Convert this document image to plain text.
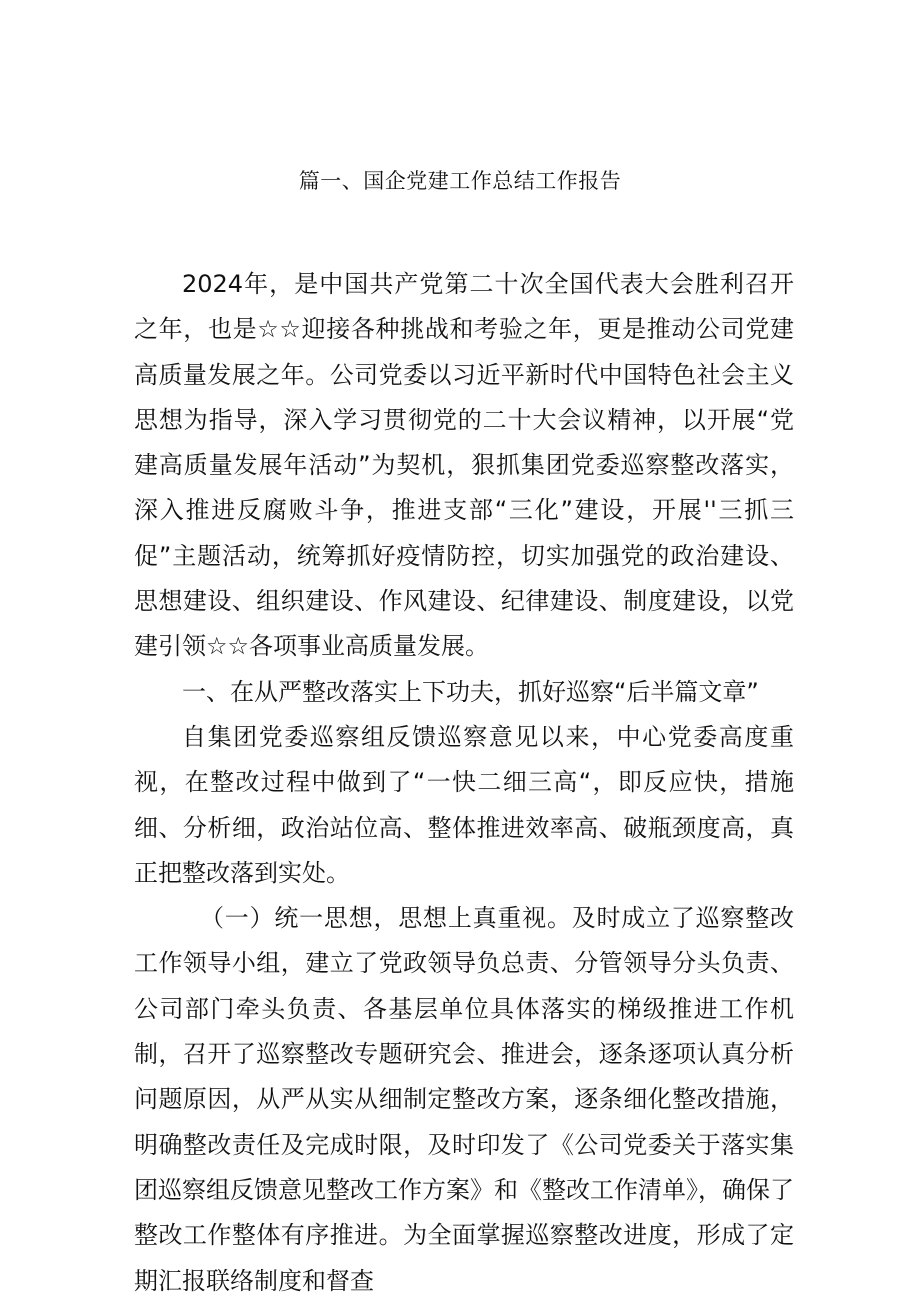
篇一、国企党建工作总结工作报告

2024年，是中国共产党第二十次全国代表大会胜利召开之年，也是☆☆迎接各种挑战和考验之年，更是推动公司党建高质量发展之年。公司党委以习近平新时代中国特色社会主义思想为指导，深入学习贯彻党的二十大会议精神，以开展“党建高质量发展年活动”为契机，狠抓集团党委巡察整改落实，深入推进反腐败斗争，推进支部“三化”建设，开展''三抓三促”主题活动，统筹抓好疫情防控，切实加强党的政治建设、思想建设、组织建设、作风建设、纪律建设、制度建设，以党建引领☆☆各项事业高质量发展。

一、在从严整改落实上下功夫，抓好巡察“后半篇文章”

自集团党委巡察组反馈巡察意见以来，中心党委高度重视，在整改过程中做到了“一快二细三高“，即反应快，措施细、分析细，政治站位高、整体推进效率高、破瓶颈度高，真正把整改落到实处。

（一）统一思想，思想上真重视。及时成立了巡察整改工作领导小组，建立了党政领导负总责、分管领导分头负责、公司部门牵头负责、各基层单位具体落实的梯级推进工作机制，召开了巡察整改专题研究会、推进会，逐条逐项认真分析问题原因，从严从实从细制定整改方案，逐条细化整改措施，明确整改责任及完成时限，及时印发了《公司党委关于落实集团巡察组反馈意见整改工作方案》和《整改工作清单》，确保了整改工作整体有序推进。为全面掌握巡察整改进度，形成了定期汇报联络制度和督查
